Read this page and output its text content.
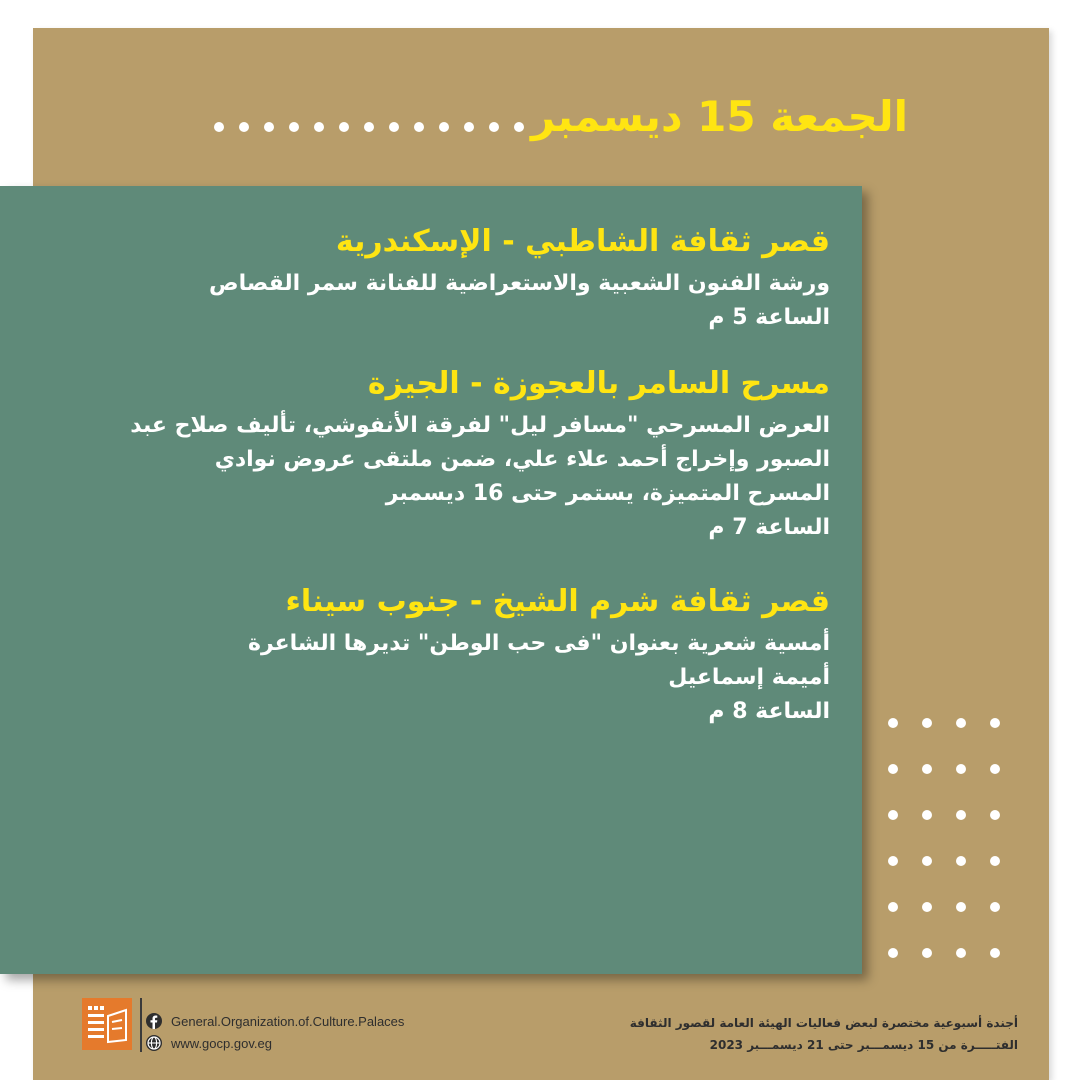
الجمعة 15 ديسمبر

قصر ثقافة الشاطبي - الإسكندرية

ورشة الفنون الشعبية والاستعراضية للفنانة سمر القصاص

الساعة 5 م

مسرح السامر بالعجوزة - الجيزة

العرض المسرحي "مسافر ليل" لفرقة الأنفوشي، تأليف صلاح عبد

الصبور وإخراج أحمد علاء علي، ضمن ملتقى عروض نوادي

المسرح المتميزة، يستمر حتى 16 ديسمبر

الساعة 7 م

قصر ثقافة شرم الشيخ - جنوب سيناء

أمسية شعرية بعنوان "فى حب الوطن" تديرها الشاعرة

أميمة إسماعيل

الساعة 8 م

General.Organization.of.Culture.Palaces
www.gocp.gov.eg
أجندة أسبوعية مختصرة لبعض فعاليات الهيئة العامة لقصور الثقافة
الفتـــــرة من 15 ديسمـــبر حتى 21 ديسمـــبر 2023
